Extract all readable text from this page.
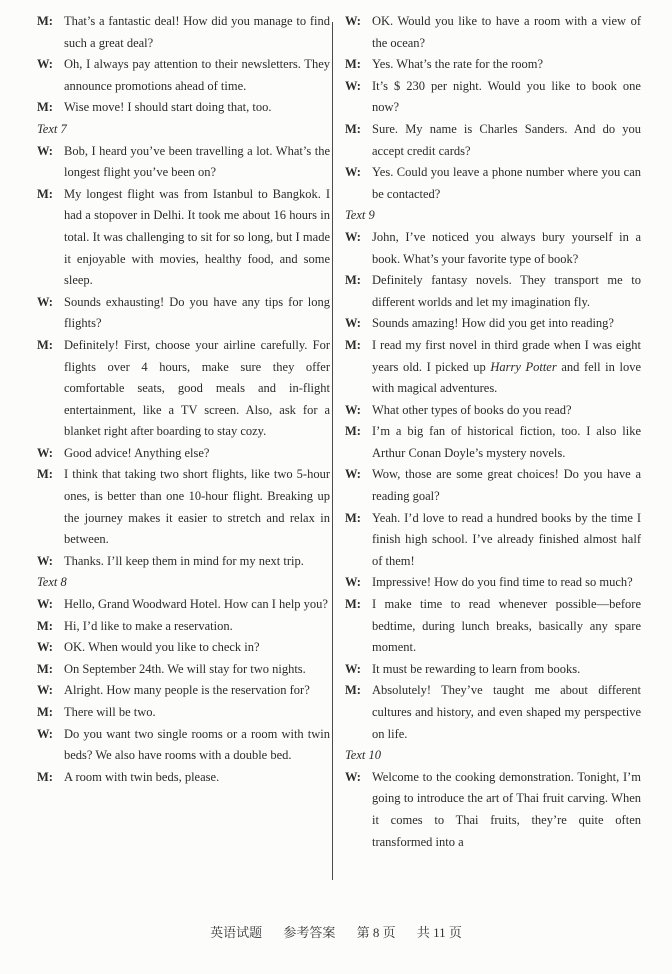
M: That’s a fantastic deal! How did you manage to find such a great deal?
W: Oh, I always pay attention to their newsletters. They announce promotions ahead of time.
M: Wise move! I should start doing that, too.
Text 7
W: Bob, I heard you’ve been travelling a lot. What’s the longest flight you’ve been on?
M: My longest flight was from Istanbul to Bangkok. I had a stopover in Delhi. It took me about 16 hours in total. It was challenging to sit for so long, but I made it enjoyable with movies, healthy food, and some sleep.
W: Sounds exhausting! Do you have any tips for long flights?
M: Definitely! First, choose your airline carefully. For flights over 4 hours, make sure they offer comfortable seats, good meals and in-flight entertainment, like a TV screen. Also, ask for a blanket right after boarding to stay cozy.
W: Good advice! Anything else?
M: I think that taking two short flights, like two 5-hour ones, is better than one 10-hour flight. Breaking up the journey makes it easier to stretch and relax in between.
W: Thanks. I’ll keep them in mind for my next trip.
Text 8
W: Hello, Grand Woodward Hotel. How can I help you?
M: Hi, I’d like to make a reservation.
W: OK. When would you like to check in?
M: On September 24th. We will stay for two nights.
W: Alright. How many people is the reservation for?
M: There will be two.
W: Do you want two single rooms or a room with twin beds? We also have rooms with a double bed.
M: A room with twin beds, please.
W: OK. Would you like to have a room with a view of the ocean?
M: Yes. What’s the rate for the room?
W: It’s $ 230 per night. Would you like to book one now?
M: Sure. My name is Charles Sanders. And do you accept credit cards?
W: Yes. Could you leave a phone number where you can be contacted?
Text 9
W: John, I’ve noticed you always bury yourself in a book. What’s your favorite type of book?
M: Definitely fantasy novels. They transport me to different worlds and let my imagination fly.
W: Sounds amazing! How did you get into reading?
M: I read my first novel in third grade when I was eight years old. I picked up Harry Potter and fell in love with magical adventures.
W: What other types of books do you read?
M: I’m a big fan of historical fiction, too. I also like Arthur Conan Doyle’s mystery novels.
W: Wow, those are some great choices! Do you have a reading goal?
M: Yeah. I’d love to read a hundred books by the time I finish high school. I’ve already finished almost half of them!
W: Impressive! How do you find time to read so much?
M: I make time to read whenever possible—before bedtime, during lunch breaks, basically any spare moment.
W: It must be rewarding to learn from books.
M: Absolutely! They’ve taught me about different cultures and history, and even shaped my perspective on life.
Text 10
W: Welcome to the cooking demonstration. Tonight, I’m going to introduce the art of Thai fruit carving. When it comes to Thai fruits, they’re quite often transformed into a
英语试题 参考答案 第 8 页 共 11 页
